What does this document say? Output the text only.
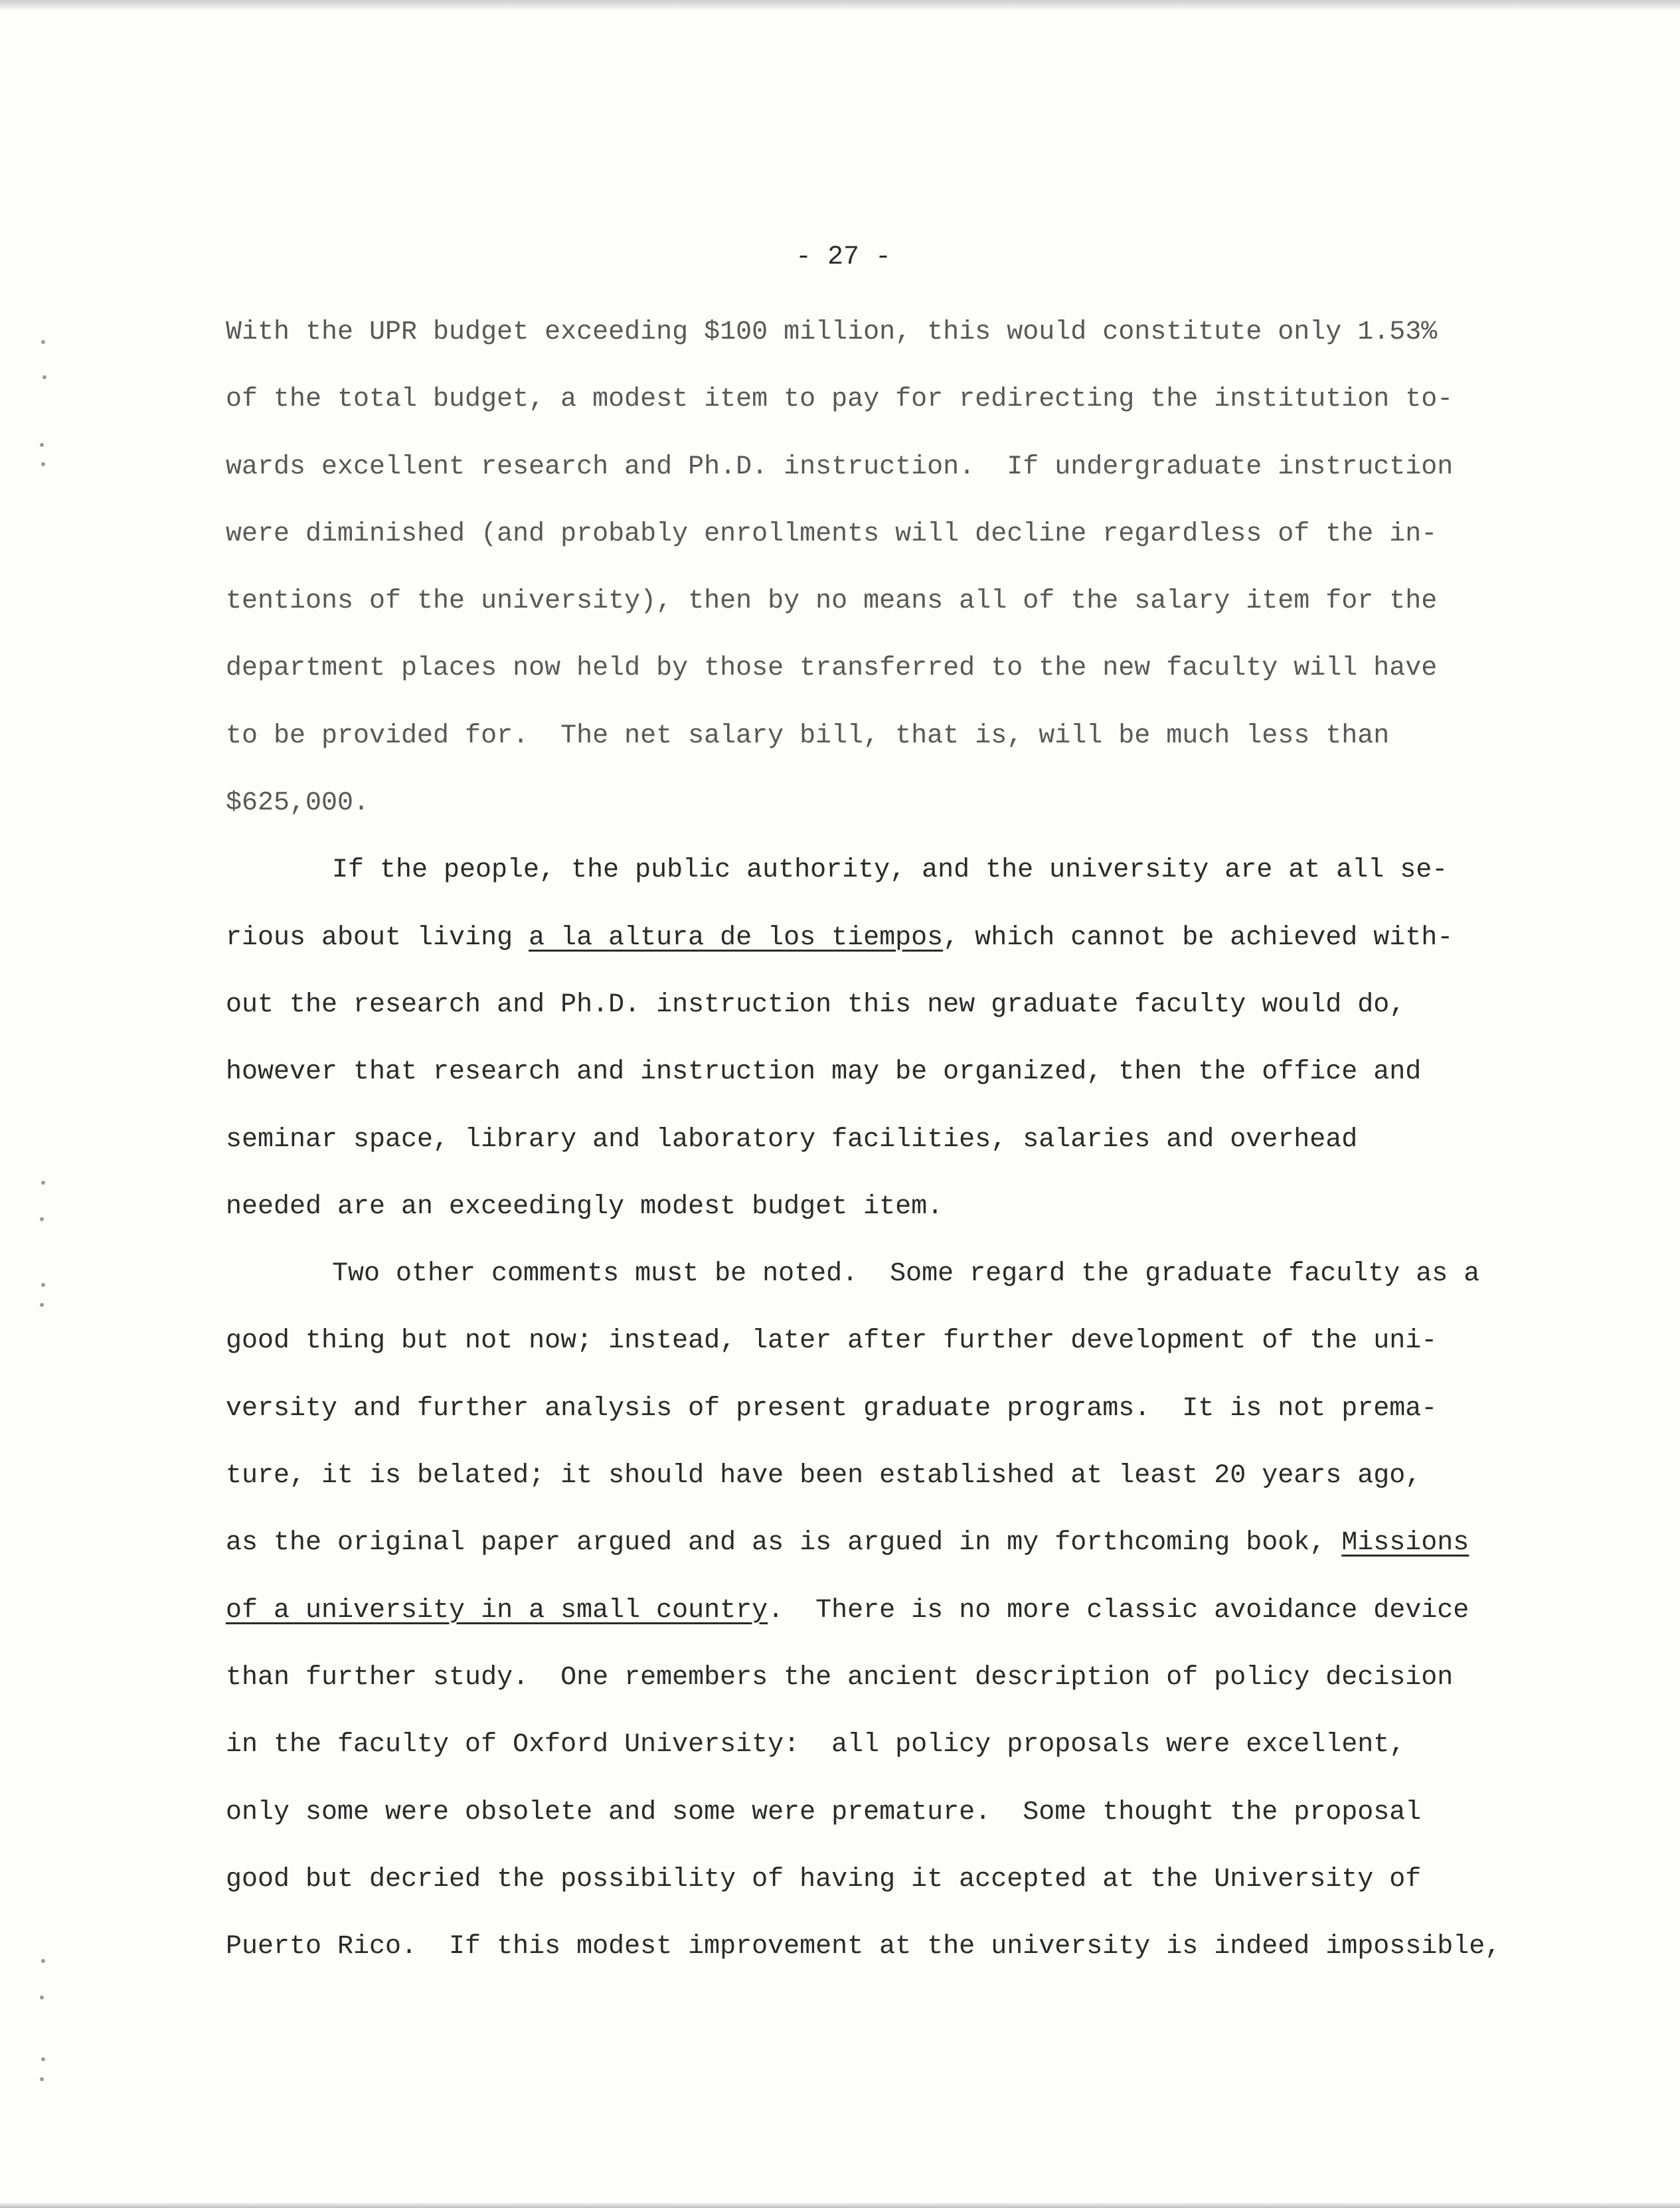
- 27 -
With the UPR budget exceeding $100 million, this would constitute only 1.53%
of the total budget, a modest item to pay for redirecting the institution to-
wards excellent research and Ph.D. instruction.  If undergraduate instruction
were diminished (and probably enrollments will decline regardless of the in-
tentions of the university), then by no means all of the salary item for the
department places now held by those transferred to the new faculty will have
to be provided for.  The net salary bill, that is, will be much less than
$625,000.
If the people, the public authority, and the university are at all se-
rious about living a la altura de los tiempos, which cannot be achieved with-
out the research and Ph.D. instruction this new graduate faculty would do,
however that research and instruction may be organized, then the office and
seminar space, library and laboratory facilities, salaries and overhead
needed are an exceedingly modest budget item.
Two other comments must be noted.  Some regard the graduate faculty as a
good thing but not now; instead, later after further development of the uni-
versity and further analysis of present graduate programs.  It is not prema-
ture, it is belated; it should have been established at least 20 years ago,
as the original paper argued and as is argued in my forthcoming book, Missions
of a university in a small country.  There is no more classic avoidance device
than further study.  One remembers the ancient description of policy decision
in the faculty of Oxford University:  all policy proposals were excellent,
only some were obsolete and some were premature.  Some thought the proposal
good but decried the possibility of having it accepted at the University of
Puerto Rico.  If this modest improvement at the university is indeed impossible,
